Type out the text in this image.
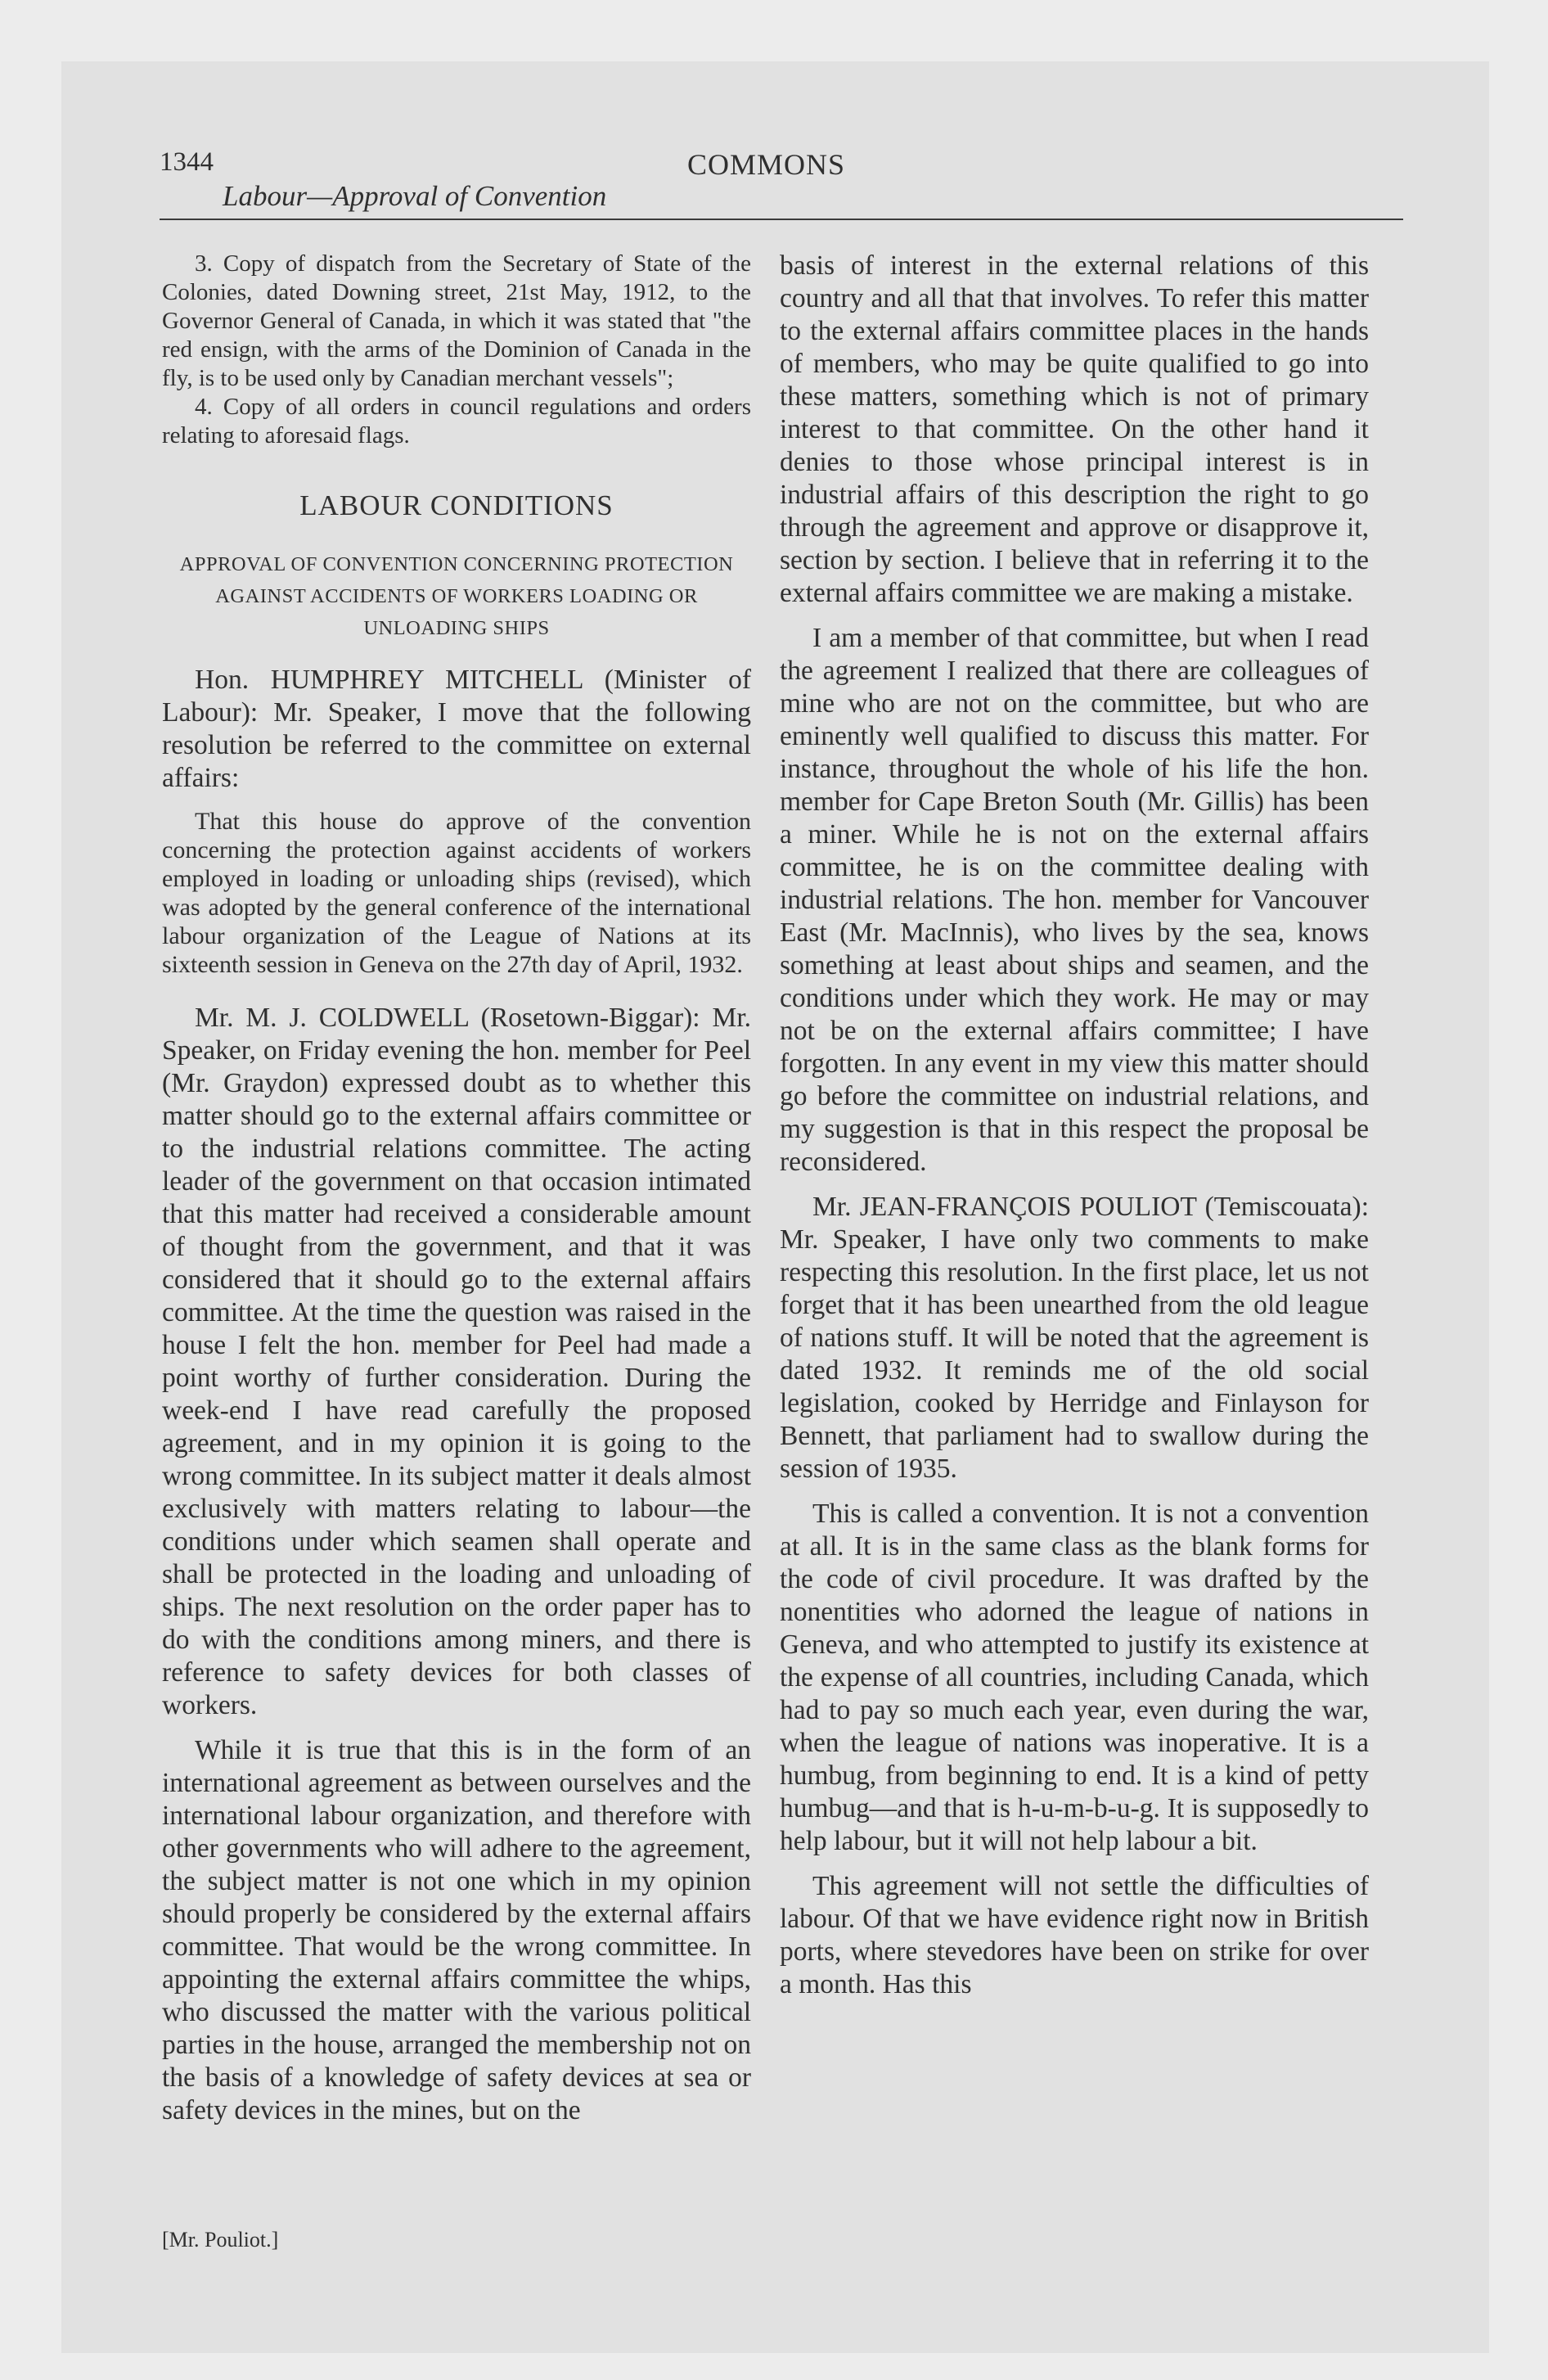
1344	COMMONS
Labour—Approval of Convention

3. Copy of dispatch from the Secretary of State of the Colonies, dated Downing street, 21st May, 1912, to the Governor General of Canada, in which it was stated that "the red ensign, with the arms of the Dominion of Canada in the fly, is to be used only by Canadian merchant vessels";

4. Copy of all orders in council regulations and orders relating to aforesaid flags.

LABOUR CONDITIONS
APPROVAL OF CONVENTION CONCERNING PROTECTION AGAINST ACCIDENTS OF WORKERS LOADING OR UNLOADING SHIPS

Hon. HUMPHREY MITCHELL (Minister of Labour): Mr. Speaker, I move that the following resolution be referred to the committee on external affairs:

That this house do approve of the convention concerning the protection against accidents of workers employed in loading or unloading ships (revised), which was adopted by the general conference of the international labour organization of the League of Nations at its sixteenth session in Geneva on the 27th day of April, 1932.

Mr. M. J. COLDWELL (Rosetown-Biggar): Mr. Speaker, on Friday evening the hon. member for Peel (Mr. Graydon) expressed doubt as to whether this matter should go to the external affairs committee or to the industrial relations committee. The acting leader of the government on that occasion intimated that this matter had received a considerable amount of thought from the government, and that it was considered that it should go to the external affairs committee. At the time the question was raised in the house I felt the hon. member for Peel had made a point worthy of further consideration. During the week-end I have read carefully the proposed agreement, and in my opinion it is going to the wrong committee. In its subject matter it deals almost exclusively with matters relating to labour—the conditions under which seamen shall operate and shall be protected in the loading and unloading of ships. The next resolution on the order paper has to do with the conditions among miners, and there is reference to safety devices for both classes of workers.

While it is true that this is in the form of an international agreement as between ourselves and the international labour organization, and therefore with other governments who will adhere to the agreement, the subject matter is not one which in my opinion should properly be considered by the external affairs committee. That would be the wrong committee. In appointing the external affairs committee the whips, who discussed the matter with the various political parties in the house, arranged the membership not on the basis of a knowledge of safety devices at sea or safety devices in the mines, but on the

basis of interest in the external relations of this country and all that that involves. To refer this matter to the external affairs committee places in the hands of members, who may be quite qualified to go into these matters, something which is not of primary interest to that committee. On the other hand it denies to those whose principal interest is in industrial affairs of this description the right to go through the agreement and approve or disapprove it, section by section. I believe that in referring it to the external affairs committee we are making a mistake.

I am a member of that committee, but when I read the agreement I realized that there are colleagues of mine who are not on the committee, but who are eminently well qualified to discuss this matter. For instance, throughout the whole of his life the hon. member for Cape Breton South (Mr. Gillis) has been a miner. While he is not on the external affairs committee, he is on the committee dealing with industrial relations. The hon. member for Vancouver East (Mr. MacInnis), who lives by the sea, knows something at least about ships and seamen, and the conditions under which they work. He may or may not be on the external affairs committee; I have forgotten. In any event in my view this matter should go before the committee on industrial relations, and my suggestion is that in this respect the proposal be reconsidered.

Mr. JEAN-FRANÇOIS POULIOT (Temiscouata): Mr. Speaker, I have only two comments to make respecting this resolution. In the first place, let us not forget that it has been unearthed from the old league of nations stuff. It will be noted that the agreement is dated 1932. It reminds me of the old social legislation, cooked by Herridge and Finlayson for Bennett, that parliament had to swallow during the session of 1935.

This is called a convention. It is not a convention at all. It is in the same class as the blank forms for the code of civil procedure. It was drafted by the nonentities who adorned the league of nations in Geneva, and who attempted to justify its existence at the expense of all countries, including Canada, which had to pay so much each year, even during the war, when the league of nations was inoperative. It is a humbug, from beginning to end. It is a kind of petty humbug—and that is h-u-m-b-u-g. It is supposedly to help labour, but it will not help labour a bit.

This agreement will not settle the difficulties of labour. Of that we have evidence right now in British ports, where stevedores have been on strike for over a month. Has this

[Mr. Pouliot.]
